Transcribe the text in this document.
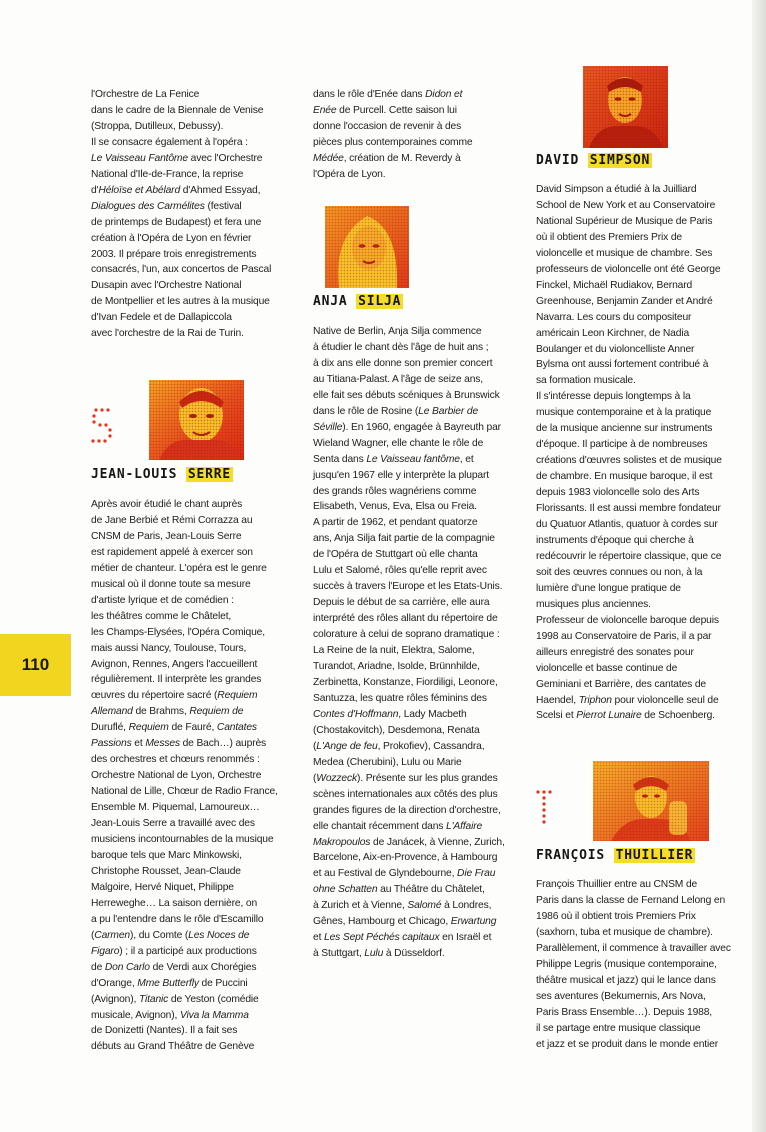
l'Orchestre de La Fenice

dans le cadre de la Biennale de Venise

(Stroppa, Dutilleux, Debussy).

Il se consacre également à l'opéra :

Le Vaisseau Fantôme avec l'Orchestre

National d'Ile-de-France, la reprise

d'Héloïse et Abélard d'Ahmed Essyad,

Dialogues des Carmélites (festival

de printemps de Budapest) et fera une

création à l'Opéra de Lyon en février

2003. Il prépare trois enregistrements

consacrés, l'un, aux concertos de Pascal

Dusapin avec l'Orchestre National

de Montpellier et les autres à la musique

d'Ivan Fedele et de Dallapiccola

avec l'orchestre de la Rai de Turin.

JEAN-LOUIS SERRE

Après avoir étudié le chant auprès

de Jane Berbié et Rémi Corrazza au

CNSM de Paris, Jean-Louis Serre

est rapidement appelé à exercer son

métier de chanteur. L'opéra est le genre

musical où il donne toute sa mesure

d'artiste lyrique et de comédien :

les théâtres comme le Châtelet,

les Champs-Elysées, l'Opéra Comique,

mais aussi Nancy, Toulouse, Tours,

Avignon, Rennes, Angers l'accueillent

régulièrement. Il interprète les grandes

œuvres du répertoire sacré (Requiem

Allemand de Brahms, Requiem de

Duruflé, Requiem de Fauré, Cantates

Passions et Messes de Bach…) auprès

des orchestres et chœurs renommés :

Orchestre National de Lyon, Orchestre

National de Lille, Chœur de Radio France,

Ensemble M. Piquemal, Lamoureux…

Jean-Louis Serre a travaillé avec des

musiciens incontournables de la musique

baroque tels que Marc Minkowski,

Christophe Rousset, Jean-Claude

Malgoire, Hervé Niquet, Philippe

Herreweghe… La saison dernière, on

a pu l'entendre dans le rôle d'Escamillo

(Carmen), du Comte (Les Noces de

Figaro) ; il a participé aux productions

de Don Carlo de Verdi aux Chorégies

d'Orange, Mme Butterfly de Puccini

(Avignon), Titanic de Yeston (comédie

musicale, Avignon), Viva la Mamma

de Donizetti (Nantes). Il a fait ses

débuts au Grand Théâtre de Genève

110

dans le rôle d'Enée dans Didon et

Enée de Purcell. Cette saison lui

donne l'occasion de revenir à des

pièces plus contemporaines comme

Médée, création de M. Reverdy à

l'Opéra de Lyon.

ANJA SILJA

Native de Berlin, Anja Silja commence

à étudier le chant dès l'âge de huit ans ;

à dix ans elle donne son premier concert

au Titiana-Palast. A l'âge de seize ans,

elle fait ses débuts scéniques à Brunswick

dans le rôle de Rosine (Le Barbier de

Séville). En 1960, engagée à Bayreuth par

Wieland Wagner, elle chante le rôle de

Senta dans Le Vaisseau fantôme, et

jusqu'en 1967 elle y interprète la plupart

des grands rôles wagnériens comme

Elisabeth, Venus, Eva, Elsa ou Freia.

A partir de 1962, et pendant quatorze

ans, Anja Silja fait partie de la compagnie

de l'Opéra de Stuttgart où elle chanta

Lulu et Salomé, rôles qu'elle reprit avec

succès à travers l'Europe et les Etats-Unis.

Depuis le début de sa carrière, elle aura

interprété des rôles allant du répertoire de

coloraturе à celui de soprano dramatique :

La Reine de la nuit, Elektra, Salome,

Turandot, Ariadne, Isolde, Brünnhilde,

Zerbinetta, Konstanze, Fiordiligi, Leonore,

Santuzza, les quatre rôles féminins des

Contes d'Hoffmann, Lady Macbeth

(Chostakovitch), Desdemona, Renata

(L'Ange de feu, Prokofiev), Cassandra,

Medea (Cherubini), Lulu ou Marie

(Wozzeck). Présente sur les plus grandes

scènes internationales aux côtés des plus

grandes figures de la direction d'orchestre,

elle chantait récemment dans L'Affaire

Makropoulos de Janácek, à Vienne, Zurich,

Barcelone, Aix-en-Provence, à Hambourg

et au Festival de Glyndebourne, Die Frau

ohne Schatten au Théâtre du Châtelet,

à Zurich et à Vienne, Salomé à Londres,

Gênes, Hambourg et Chicago, Erwartung

et Les Sept Péchés capitaux en Israël et

à Stuttgart, Lulu à Düsseldorf.

DAVID SIMPSON

David Simpson a étudié à la Juilliard

School de New York et au Conservatoire

National Supérieur de Musique de Paris

où il obtient des Premiers Prix de

violoncelle et musique de chambre. Ses

professeurs de violoncelle ont été George

Finckel, Michaël Rudiakov, Bernard

Greenhouse, Benjamin Zander et André

Navarra. Les cours du compositeur

américain Leon Kirchner, de Nadia

Boulanger et du violoncelliste Anner

Bylsma ont aussi fortement contribué à

sa formation musicale.

Il s'intéresse depuis longtemps à la

musique contemporaine et à la pratique

de la musique ancienne sur instruments

d'époque. Il participe à de nombreuses

créations d'œuvres solistes et de musique

de chambre. En musique baroque, il est

depuis 1983 violoncelle solo des Arts

Florissants. Il est aussi membre fondateur

du Quatuor Atlantis, quatuor à cordes sur

instruments d'époque qui cherche à

redécouvrir le répertoire classique, que ce

soit des œuvres connues ou non, à la

lumière d'une longue pratique de

musiques plus anciennes.

Professeur de violoncelle baroque depuis

1998 au Conservatoire de Paris, il a par

ailleurs enregistré des sonates pour

violoncelle et basse continue de

Geminiani et Barrière, des cantates de

Haendel, Triphon pour violoncelle seul de

Scelsi et Pierrot Lunaire de Schoenberg.

FRANÇOIS THUILLIER

François Thuillier entre au CNSM de

Paris dans la classe de Fernand Lelong en

1986 où il obtient trois Premiers Prix

(saxhorn, tuba et musique de chambre).

Parallèlement, il commence à travailler avec

Philippe Legris (musique contemporaine,

théâtre musical et jazz) qui le lance dans

ses aventures (Bekumernis, Ars Nova,

Paris Brass Ensemble…). Depuis 1988,

il se partage entre musique classique

et jazz et se produit dans le monde entier
